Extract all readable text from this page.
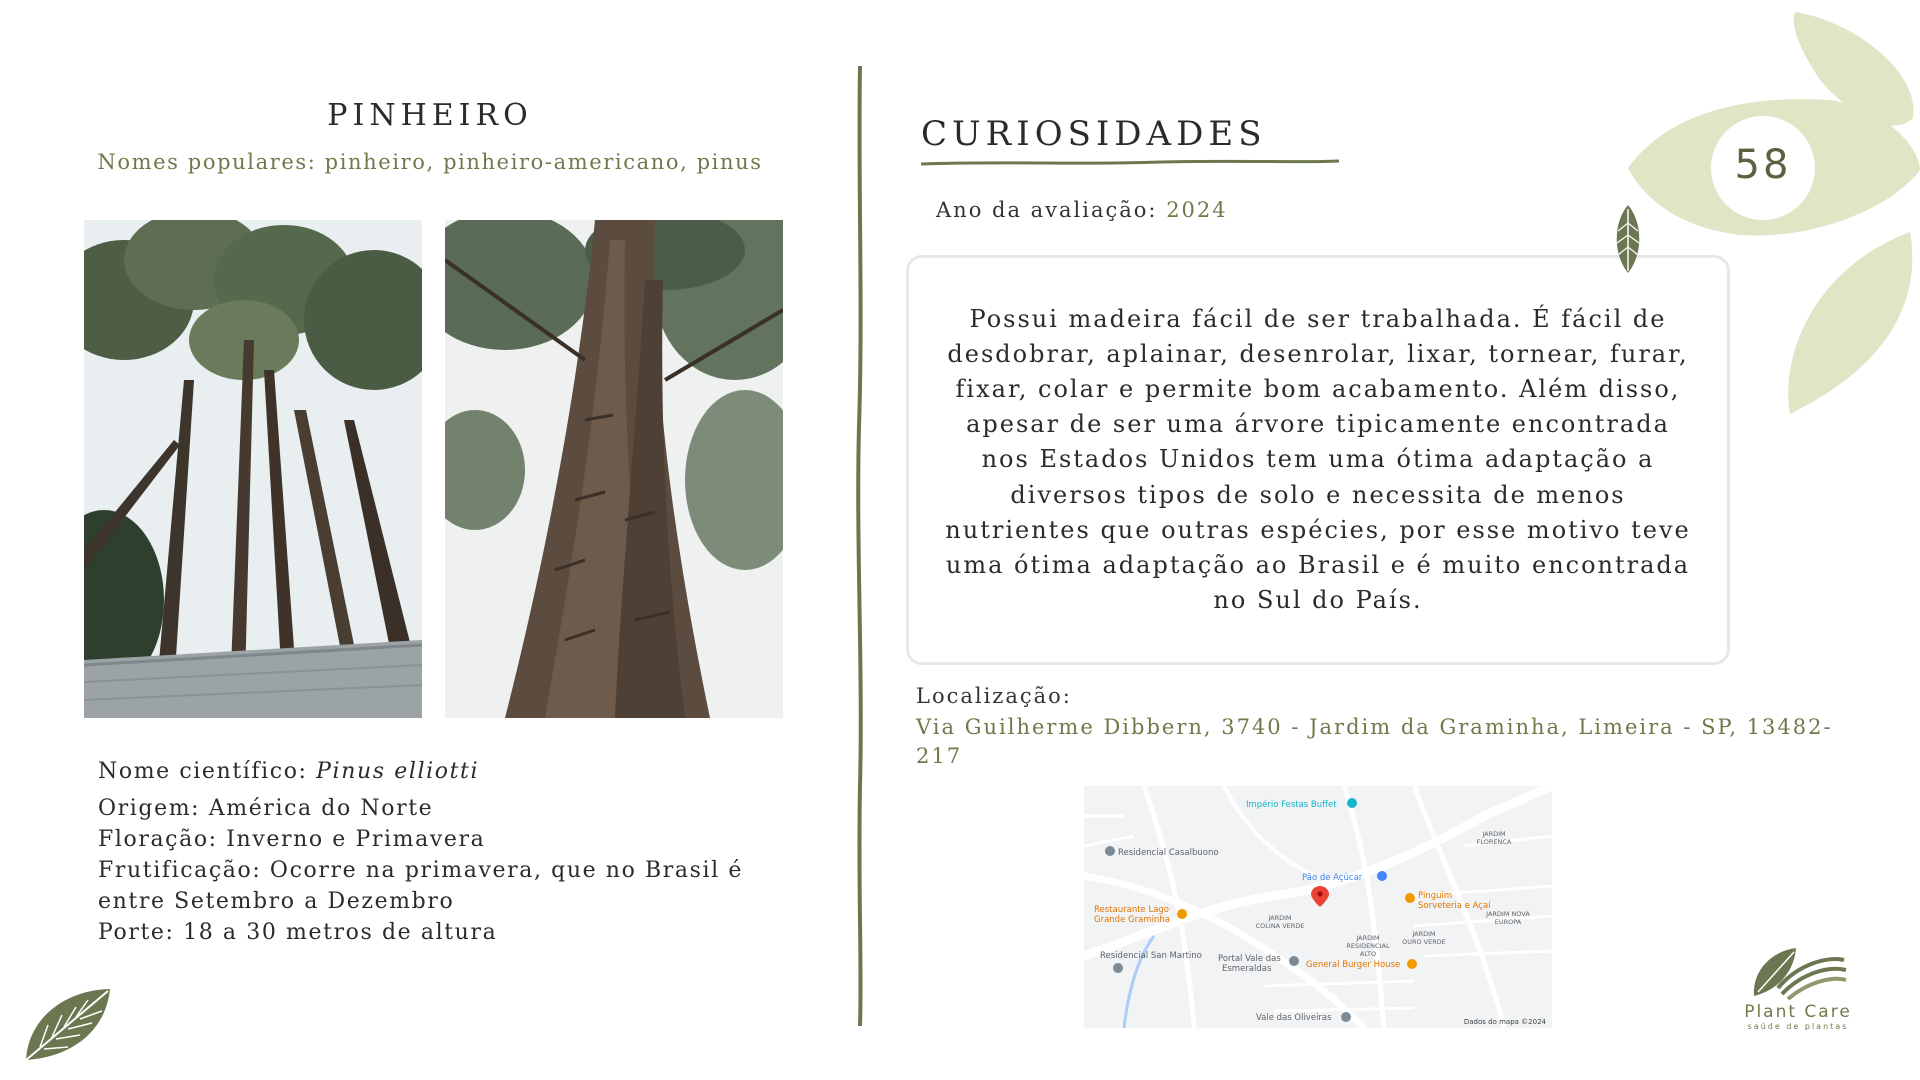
58
PINHEIRO
Nomes populares: pinheiro, pinheiro-americano, pinus
Nome científico: Pinus elliotti
Origem: América do Norte
Floração: Inverno e Primavera
Frutificação: Ocorre na primavera, que no Brasil é entre Setembro a Dezembro
Porte: 18 a 30 metros de altura
CURIOSIDADES
Ano da avaliação: 2024

Possui madeira fácil de ser trabalhada. É fácil de desdobrar, aplainar, desenrolar, lixar, tornear, furar, fixar, colar e permite bom acabamento. Além disso, apesar de ser uma árvore tipicamente encontrada nos Estados Unidos tem uma ótima adaptação a diversos tipos de solo e necessita de menos nutrientes que outras espécies, por esse motivo teve uma ótima adaptação ao Brasil e é muito encontrada no Sul do País.

Localização:
Via Guilherme Dibbern, 3740 - Jardim da Graminha, Limeira - SP, 13482-217
Império Festas Buffet
Residencial Casalbuono
Pão de Açúcar
Restaurante Lago
Grande Graminha
Pinguim
Sorveteria e Açaí
Residencial San Martino Portal Vale das
Esmeraldas	General Burger House
Vale das Oliveiras
JARDIM
FLORENCA
JARDIM
COLINA VERDE
JARDIM
RESIDENCIAL
ALTO
JARDIM
OURO VERDE
JARDIM NOVA
EUROPA
Dados do mapa ©2024	Plant Care
saúde de plantas
